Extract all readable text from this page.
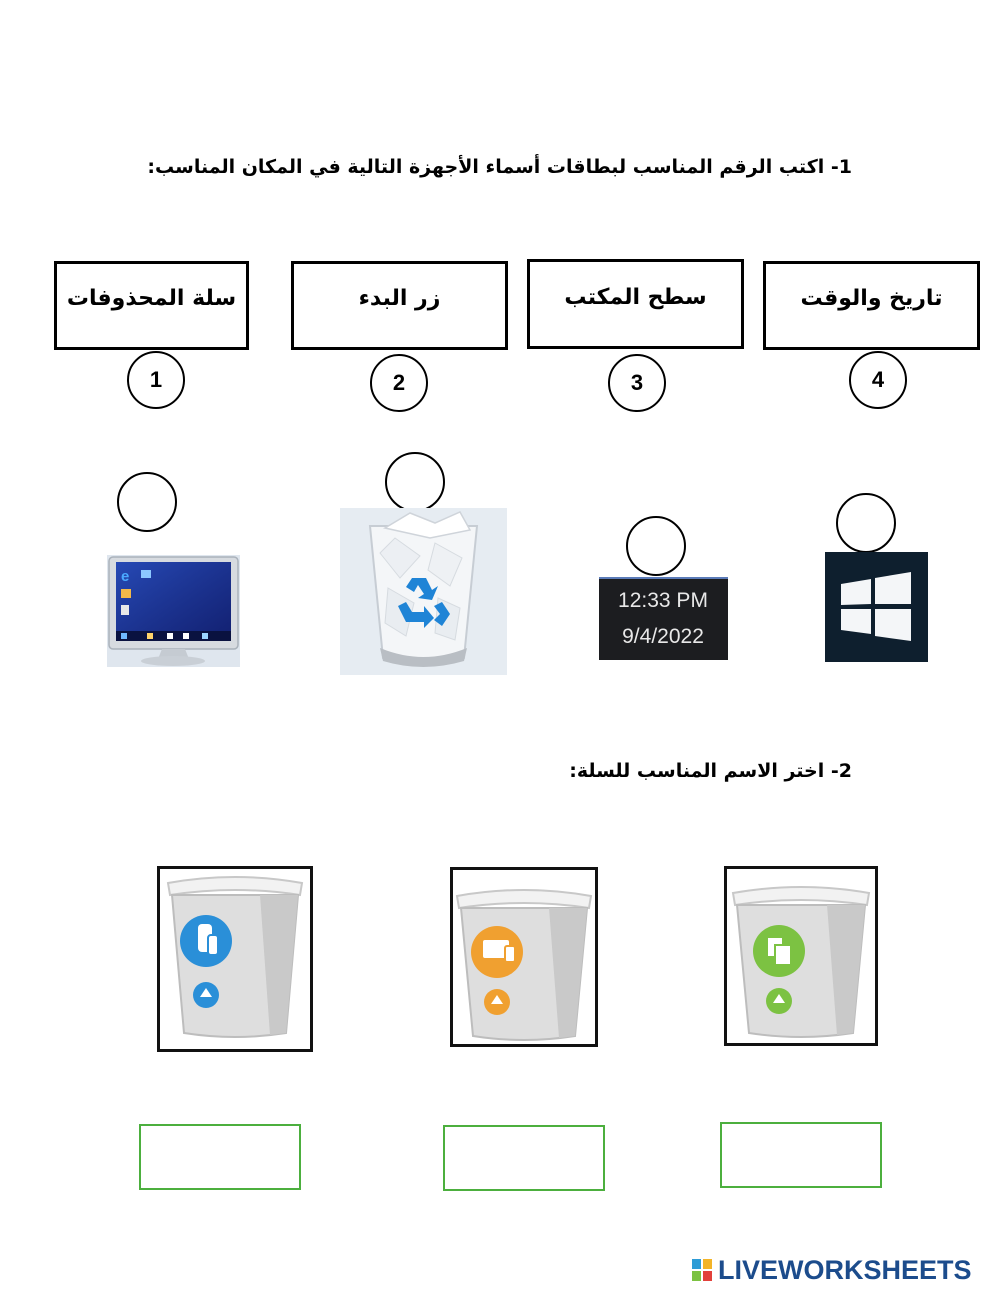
1- اكتب الرقم المناسب لبطاقات أسماء الأجهزة التالية في المكان المناسب:
سلة المحذوفات	زر البدء	سطح المكتب	تاريخ والوقت
1	2	3	4
e
12:33 PM
9/4/2022
2- اختر الاسم المناسب للسلة:
LIVEWORKSHEETS
